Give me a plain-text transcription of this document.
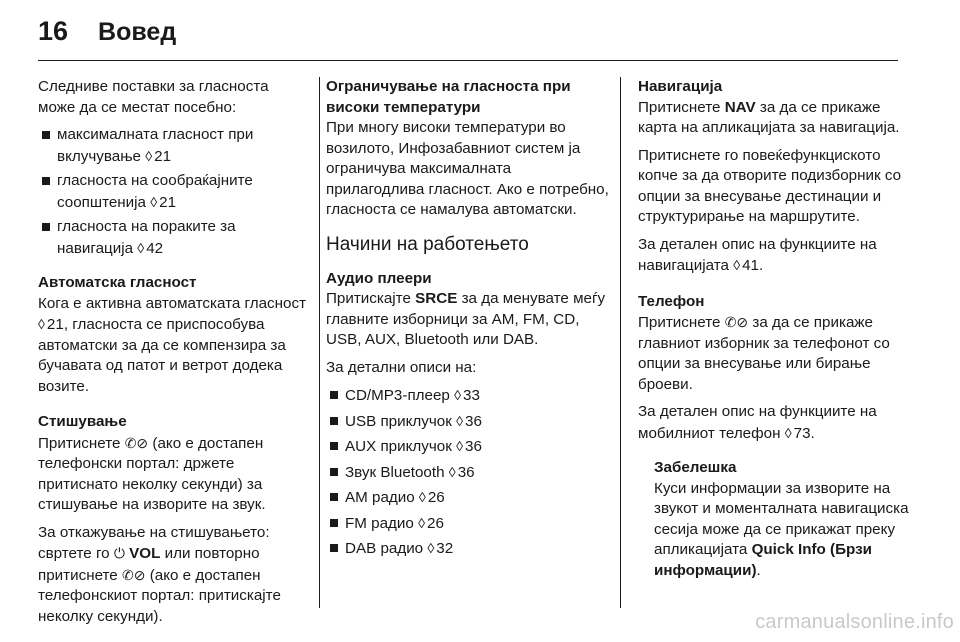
16 Вовед

Следниве поставки за гласноста може да се местат посебно:

максималната гласност при вклучување ◊ 21
гласноста на сообраќајните соопштенија ◊ 21
гласноста на пораките за навигација ◊ 42
Автоматска гласност

Кога е активна автоматската гласност ◊ 21, гласноста се приспособува автоматски за да се компензира за бучавата од патот и ветрот додека возите.

Стишување

Притиснете ✆⊘ (ако е достапен телефонски портал: држете притиснато неколку секунди) за стишување на изворите на звук.

За откажување на стишувањето: свртете го ⏻ VOL или повторно притиснете ✆⊘ (ако е достапен телефонскиот портал: притискајте неколку секунди).

Ограничување на гласноста при високи температури

При многу високи температури во возилото, Инфозабавниот систем ја ограничува максималната прилагодлива гласност. Ако е потребно, гласноста се намалува автоматски.

Начини на работењето
Аудио плеери

Притискајте SRCE за да менувате меѓу главните изборници за AM, FM, CD, USB, AUX, Bluetooth или DAB.

За детални описи на:

CD/MP3-плеер ◊ 33
USB приклучок ◊ 36
AUX приклучок ◊ 36
Звук Bluetooth ◊ 36
AM радио ◊ 26
FM радио ◊ 26
DAB радио ◊ 32
Навигација

Притиснете NAV за да се прикаже карта на апликацијата за навигација.

Притиснете го повеќефункциското копче за да отворите подизборник со опции за внесување дестинации и структурирање на маршрутите.

За детален опис на функциите на навигацијата ◊ 41.

Телефон

Притиснете ✆⊘ за да се прикаже главниот изборник за телефонот со опции за внесување или бирање броеви.

За детален опис на функциите на мобилниот телефон ◊ 73.

Забелешка

Куси информации за изворите на звукот и моменталната навигациска сесија може да се прикажат преку апликацијата Quick Info (Брзи информации).

carmanualsonline.info
